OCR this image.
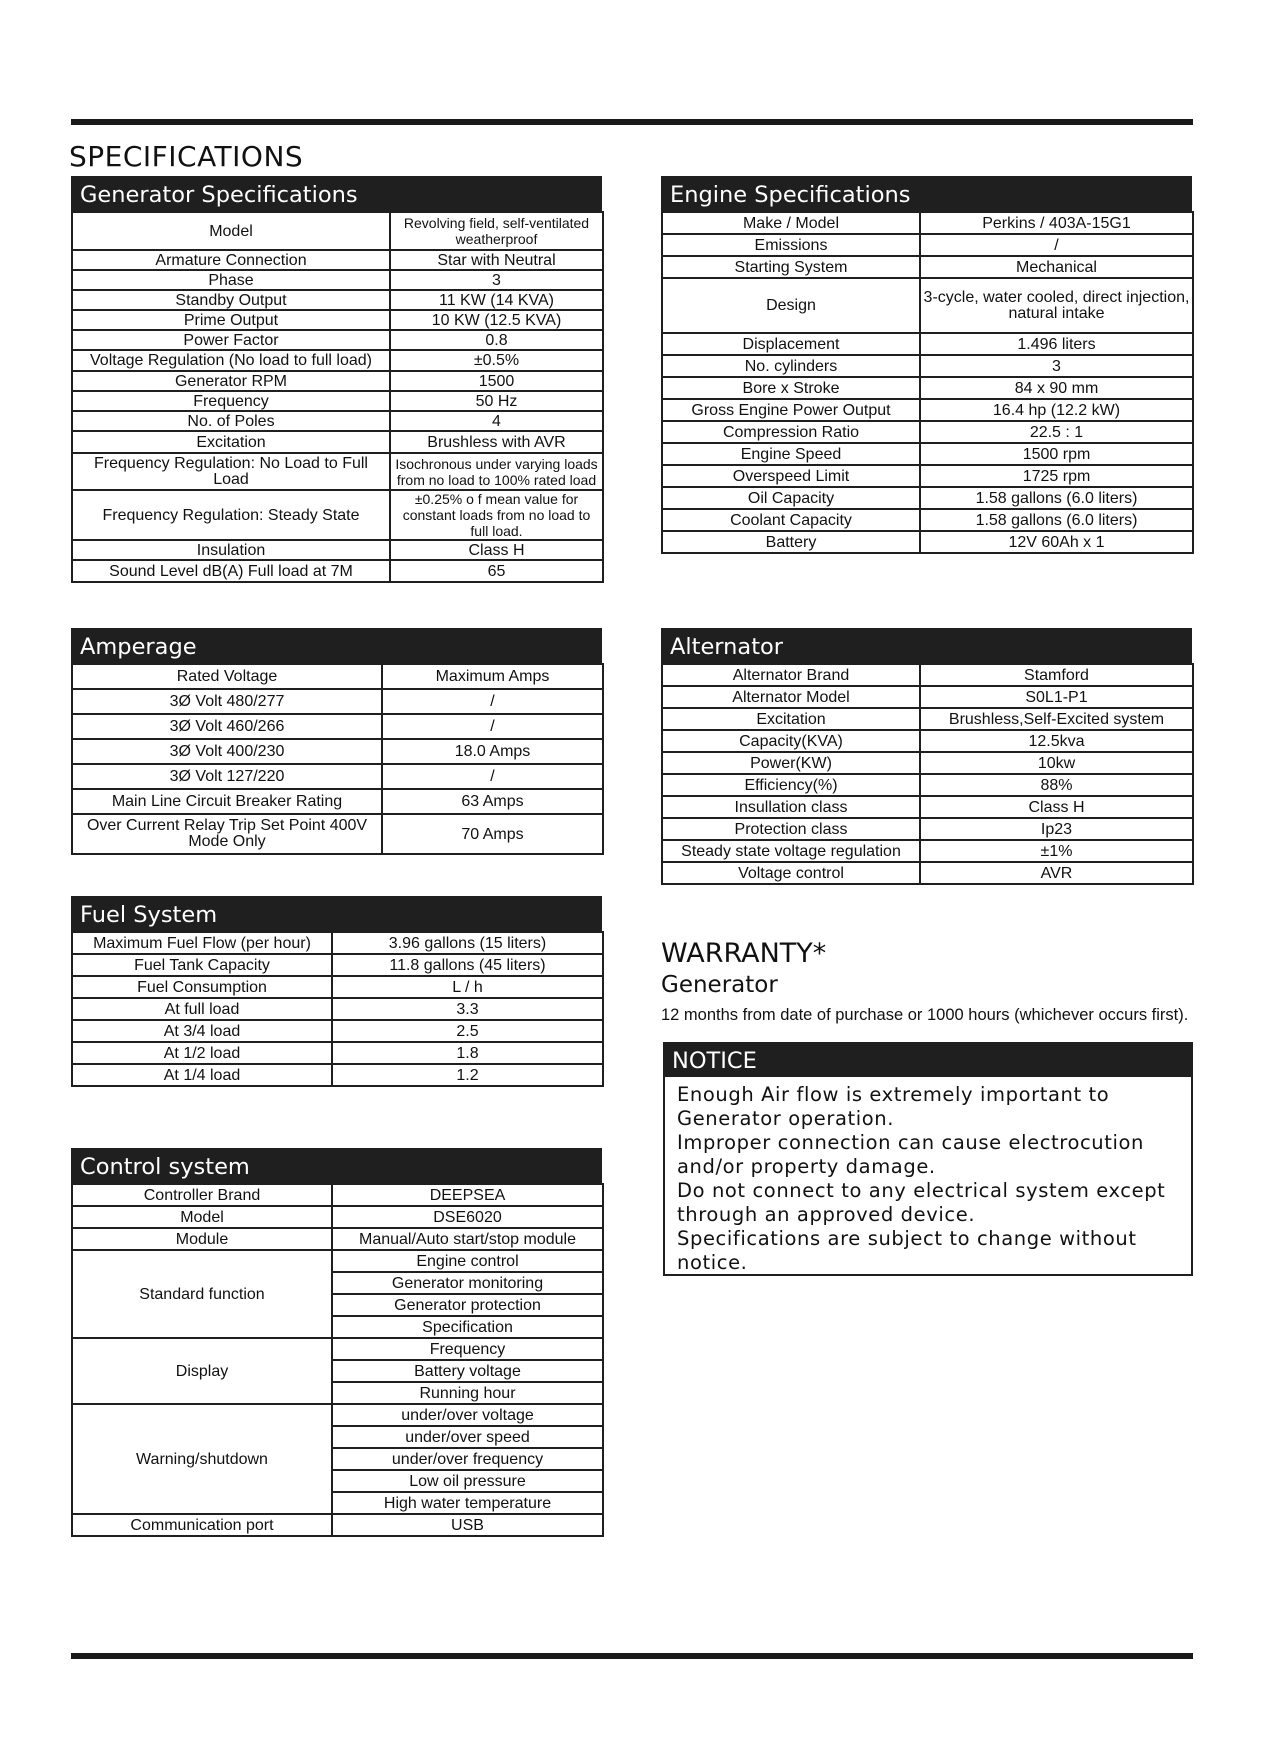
SPECIFICATIONS
Generator Specifications
Model	Revolving field, self-ventilated weatherproof
Armature Connection	Star with Neutral
Phase	3
Standby Output	11 KW (14 KVA)
Prime Output	10 KW (12.5 KVA)
Power Factor	0.8
Voltage Regulation (No load to full load)	±0.5%
Generator RPM	1500
Frequency	50 Hz
No. of Poles	4
Excitation	Brushless with AVR
Frequency Regulation: No Load to Full Load	Isochronous under varying loads from no load to 100% rated load
Frequency Regulation: Steady State	±0.25% o f mean value for constant loads from no load to full load.
Insulation	Class H
Sound Level dB(A) Full load at 7M	65
Engine Specifications
Make / Model	Perkins / 403A-15G1
Emissions	/
Starting System	Mechanical
Design	3-cycle, water cooled, direct injection, natural intake
Displacement	1.496 liters
No. cylinders	3
Bore x Stroke	84 x 90 mm
Gross Engine Power Output	16.4 hp (12.2 kW)
Compression Ratio	22.5 : 1
Engine Speed	1500 rpm
Overspeed Limit	1725 rpm
Oil Capacity	1.58 gallons (6.0 liters)
Coolant Capacity	1.58 gallons (6.0 liters)
Battery	12V 60Ah x 1
Amperage
Rated Voltage	Maximum Amps
3Ø Volt 480/277	/
3Ø Volt 460/266	/
3Ø Volt 400/230	18.0 Amps
3Ø Volt 127/220	/
Main Line Circuit Breaker Rating	63 Amps
Over Current Relay Trip Set Point 400V Mode Only	70 Amps
Fuel System
Maximum Fuel Flow (per hour)	3.96 gallons (15 liters)
Fuel Tank Capacity	11.8 gallons (45 liters)
Fuel Consumption	L / h
At full load	3.3
At 3/4 load	2.5
At 1/2 load	1.8
At 1/4 load	1.2
Control system
Controller Brand	DEEPSEA
Model	DSE6020
Module	Manual/Auto start/stop module
Standard function	Engine control
	Generator monitoring
	Generator protection
	Specification
Display	Frequency
	Battery voltage
	Running hour
Warning/shutdown	under/over voltage
	under/over speed
	under/over frequency
	Low oil pressure
	High water temperature
Communication port	USB
Alternator
Alternator Brand	Stamford
Alternator Model	S0L1-P1
Excitation	Brushless,Self-Excited system
Capacity(KVA)	12.5kva
Power(KW)	10kw
Efficiency(%)	88%
Insullation class	Class H
Protection class	Ip23
Steady state voltage regulation	±1%
Voltage control	AVR
WARRANTY*
Generator
12 months from date of purchase or 1000 hours (whichever occurs first).
NOTICE
Enough Air flow is extremely important to
Generator operation.
Improper connection can cause electrocution
and/or property damage.
Do not connect to any electrical system except
through an approved device.
Specifications are subject to change without
notice.
